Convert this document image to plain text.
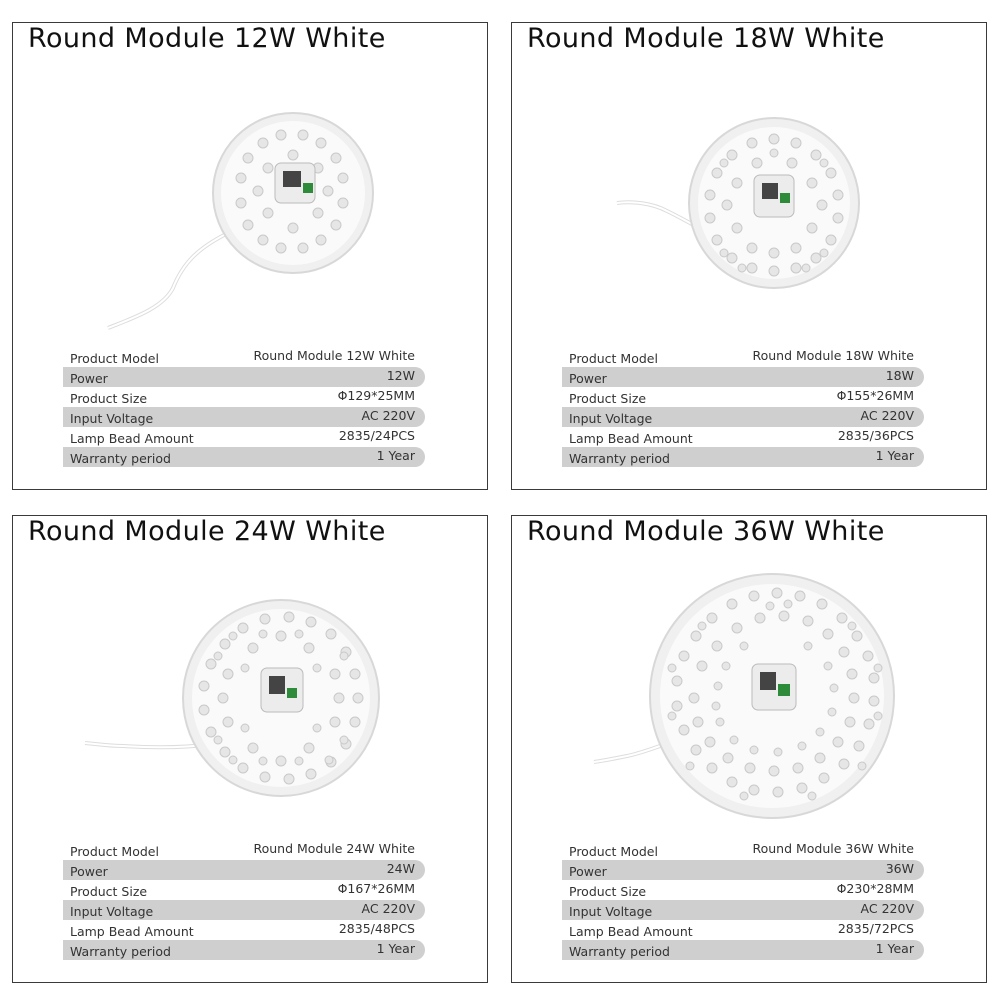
Round Module 12W White
Product Model	Round Module 12W White
Power	12W
Product Size	Φ129*25MM
Input Voltage	AC 220V
Lamp Bead Amount	2835/24PCS
Warranty period	1 Year
Round Module 18W White
Product Model	Round Module 18W White
Power	18W
Product Size	Φ155*26MM
Input Voltage	AC 220V
Lamp Bead Amount	2835/36PCS
Warranty period	1 Year
Round Module 24W White
Product Model	Round Module 24W White
Power	24W
Product Size	Φ167*26MM
Input Voltage	AC 220V
Lamp Bead Amount	2835/48PCS
Warranty period	1 Year
Round Module 36W White
Product Model	Round Module 36W White
Power	36W
Product Size	Φ230*28MM
Input Voltage	AC 220V
Lamp Bead Amount	2835/72PCS
Warranty period	1 Year
